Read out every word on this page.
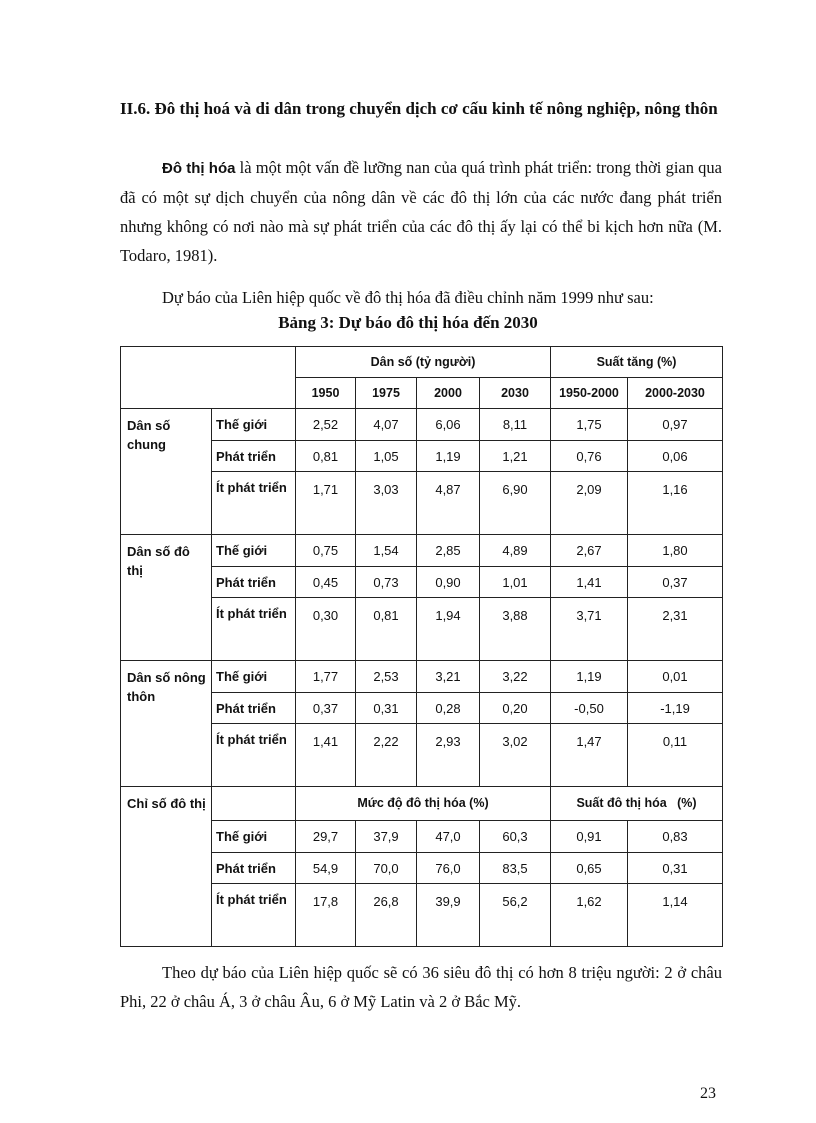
II.6. Đô thị hoá và di dân trong chuyển dịch cơ cấu kinh tế nông nghiệp, nông thôn
Đô thị hóa là một một vấn đề lưỡng nan của quá trình phát triển: trong thời gian qua đã có một sự dịch chuyển của nông dân về các đô thị lớn của các nước đang phát triển nhưng không có nơi nào mà sự phát triển của các đô thị ấy lại có thể bi kịch hơn nữa (M. Todaro, 1981).
Dự báo của Liên hiệp quốc về đô thị hóa đã điều chỉnh năm 1999 như sau:
Bảng 3: Dự báo đô thị hóa đến 2030
		Dân số (tỷ người)				Suất tăng (%)	
		1950	1975	2000	2030	1950-2000	2000-2030
Dân số chung	Thế giới	2,52	4,07	6,06	8,11	1,75	0,97
	Phát triển	0,81	1,05	1,19	1,21	0,76	0,06
	Ít phát triển	1,71	3,03	4,87	6,90	2,09	1,16
Dân số đô thị	Thế giới	0,75	1,54	2,85	4,89	2,67	1,80
	Phát triển	0,45	0,73	0,90	1,01	1,41	0,37
	Ít phát triển	0,30	0,81	1,94	3,88	3,71	2,31
Dân số nông thôn	Thế giới	1,77	2,53	3,21	3,22	1,19	0,01
	Phát triển	0,37	0,31	0,28	0,20	-0,50	-1,19
	Ít phát triển	1,41	2,22	2,93	3,02	1,47	0,11
Chỉ số đô thị		Mức độ đô thị hóa (%)				Suất đô thị hóa   (%)	
	Thế giới	29,7	37,9	47,0	60,3	0,91	0,83
	Phát triển	54,9	70,0	76,0	83,5	0,65	0,31
	Ít phát triển	17,8	26,8	39,9	56,2	1,62	1,14
Theo dự báo của Liên hiệp quốc sẽ có 36 siêu đô thị có hơn 8 triệu người: 2 ở châu Phi, 22 ở châu Á, 3 ở châu Âu, 6 ở Mỹ Latin và 2 ở Bắc Mỹ.
23
